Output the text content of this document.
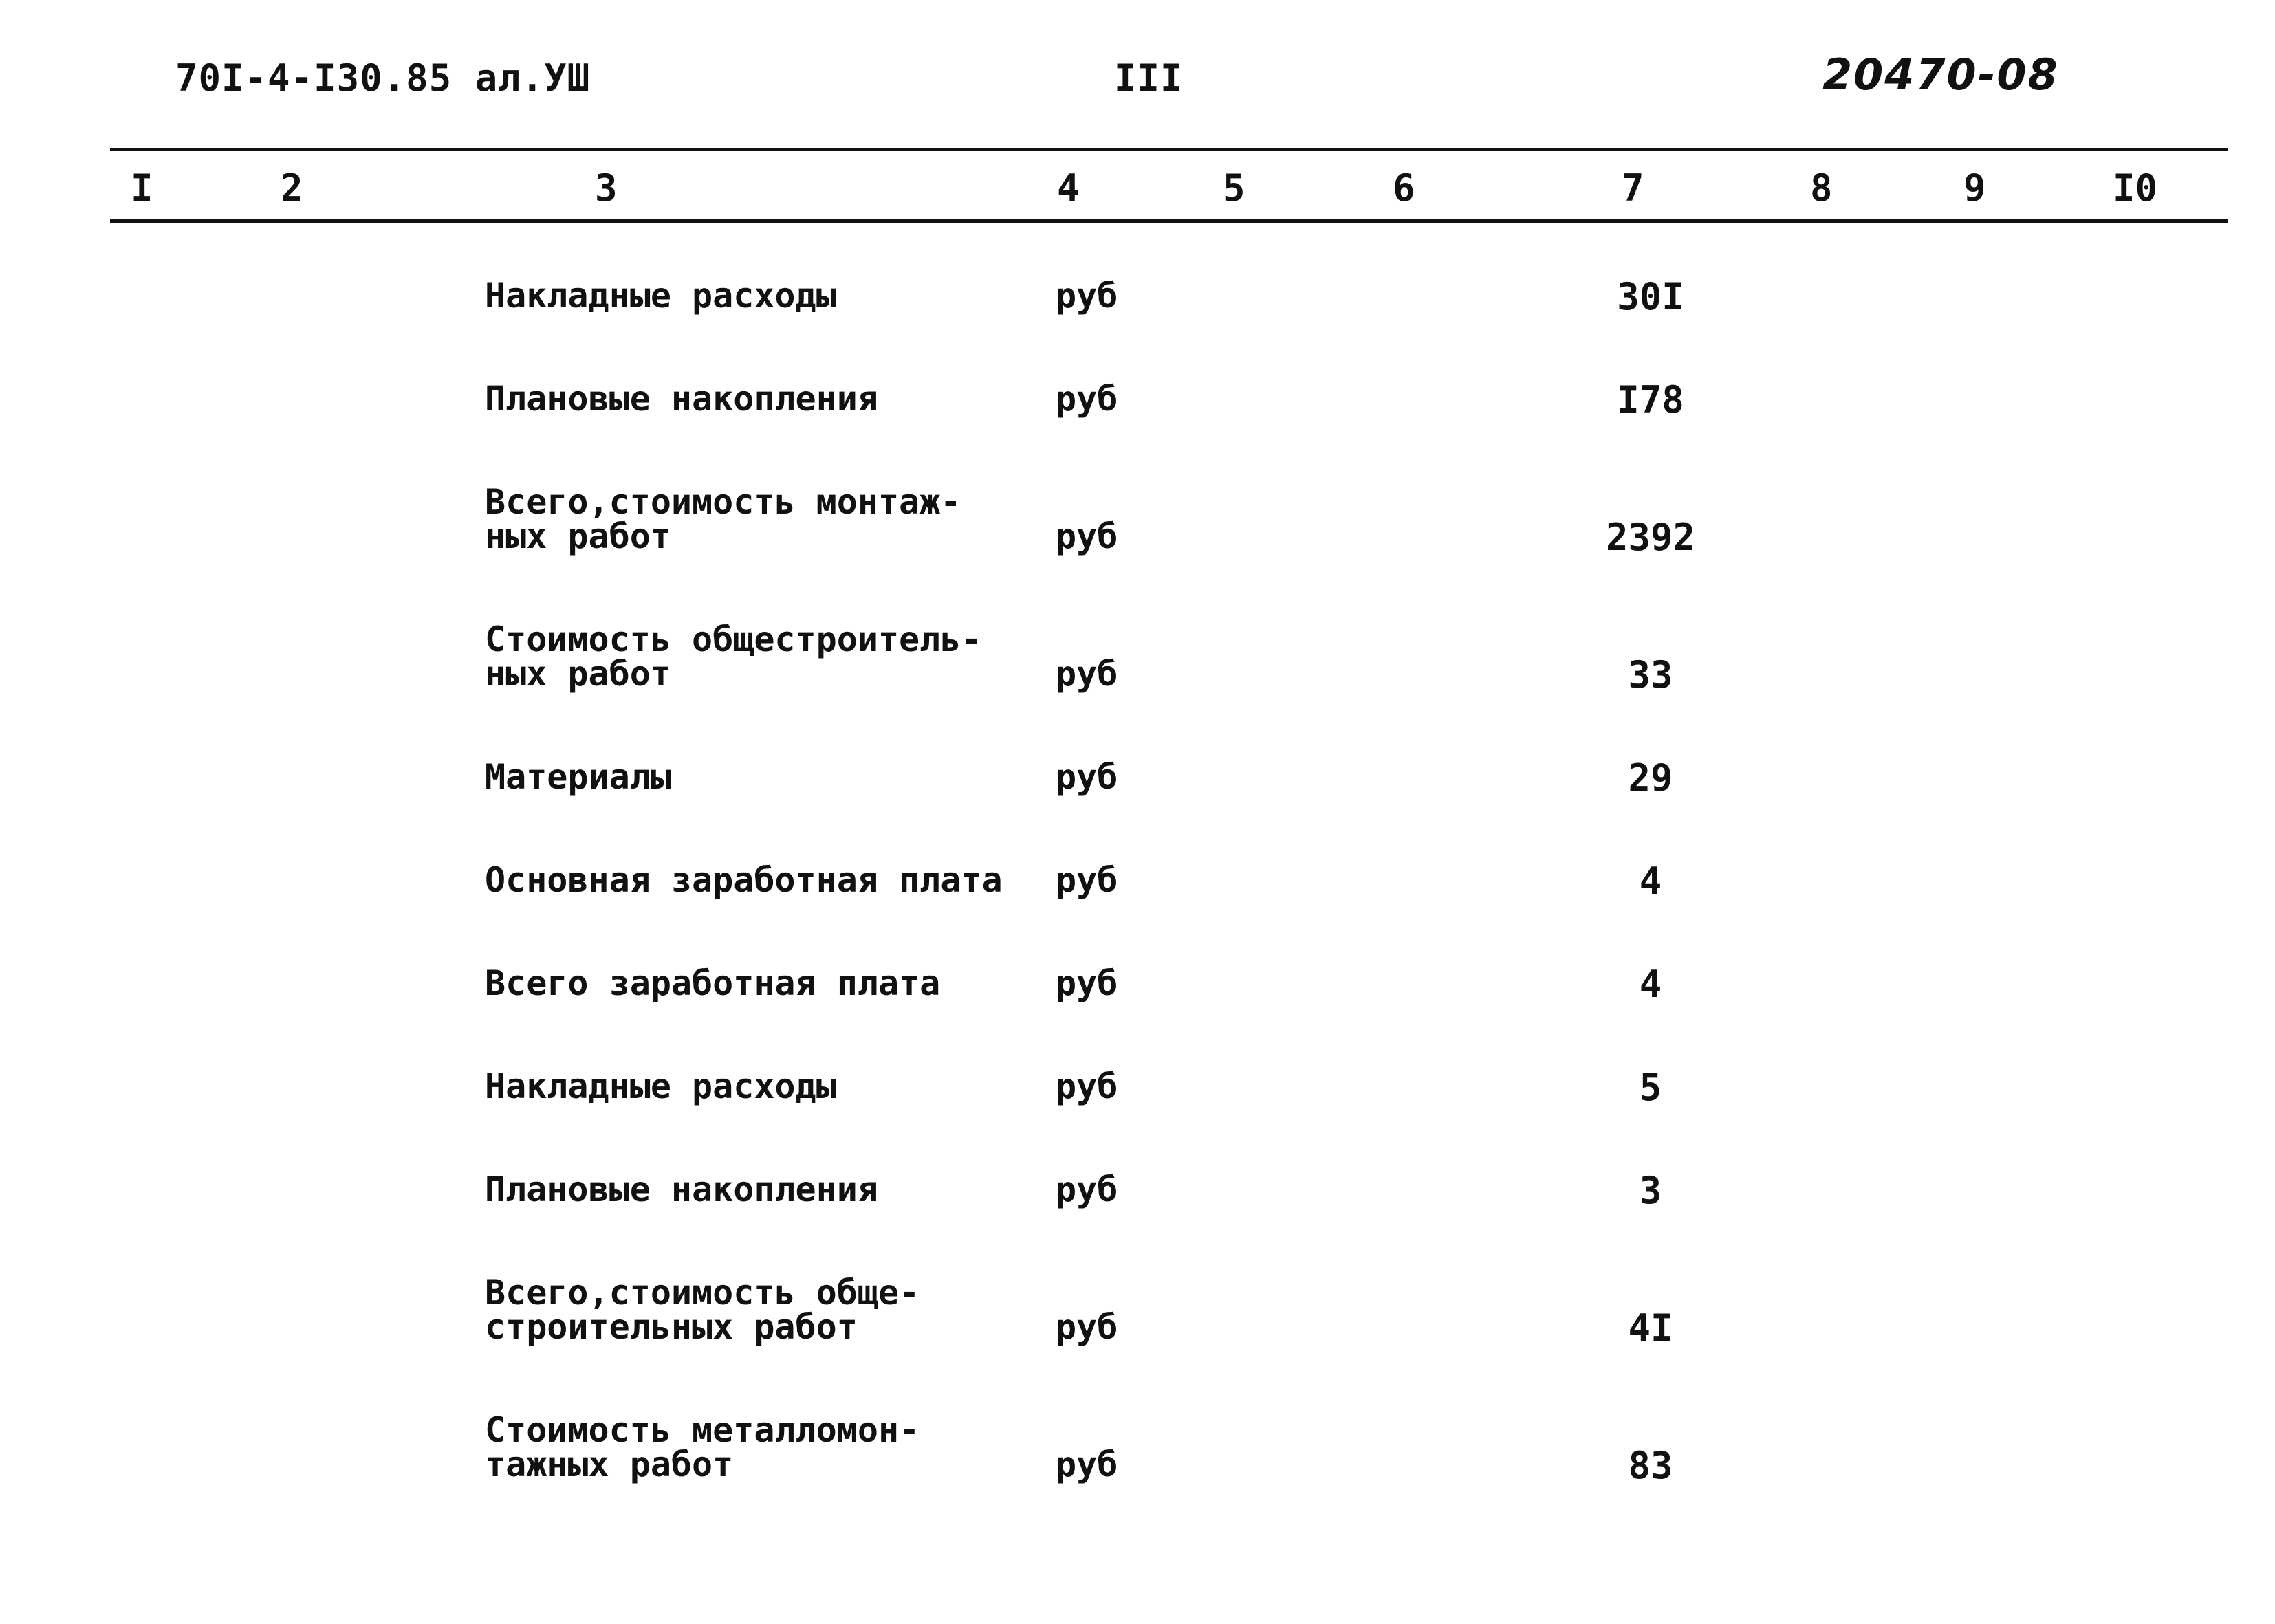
70I-4-I30.85 ал.УШ	III	20470-08
I	2	3	4	5	6	7	8	9	I0
Накладные расходы	руб	30I
Плановые накопления	руб	I78
Всего,стоимость монтаж-
ных работ	руб	2392
Стоимость общестроитель-
ных работ	руб	33
Материалы	руб	29
Основная заработная плата	руб	4
Всего заработная плата	руб	4
Накладные расходы	руб	5
Плановые накопления	руб	3
Всего,стоимость обще-
строительных работ	руб	4I
Стоимость металломон-
тажных работ	руб	83
